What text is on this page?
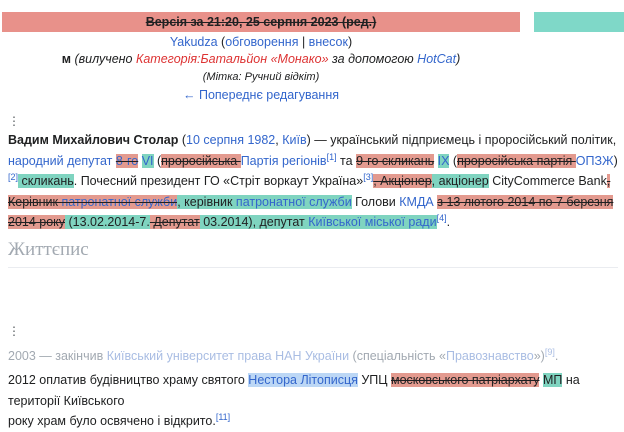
Версія за 21:20, 25 серпня 2023 (ред.)
Yakudza (обговорення | внесок)
м (вилучено Категорія:Батальйон «Монако» за допомогою HotCat)
(Мітка: Ручний відкіт)
← Попереднє редагування
⋮
Вадим Михайлович Столар (10 серпня 1982, Київ) — український підприємець і проросійський політик, народний депутат 8-го VI (проросійська Партія регіонів[1] та 9-го скликань IX (проросійська партія ОПЗЖ)[2] скликань. Почесний президент ГО «Стріт воркаут Україна»[3], Акціонер, акціонер CityCommerce Bank, Керівник патронатної служби, керівник патронатної служби Голови КМДА з 13 лютого 2014 по 7 березня 2014 року (13.02.2014-7. Депутат 03.2014), депутат Київської міської ради[4].
Життєпис
⋮
2003 — закінчив Київський університет права НАН України (спеціальність «Правознавство»)[9].
2012 оплатив будівництво храму святого Нестора Літописця УПЦ московського патріархату МП на території Київського
року храм було освячено і відкрито.[11]
